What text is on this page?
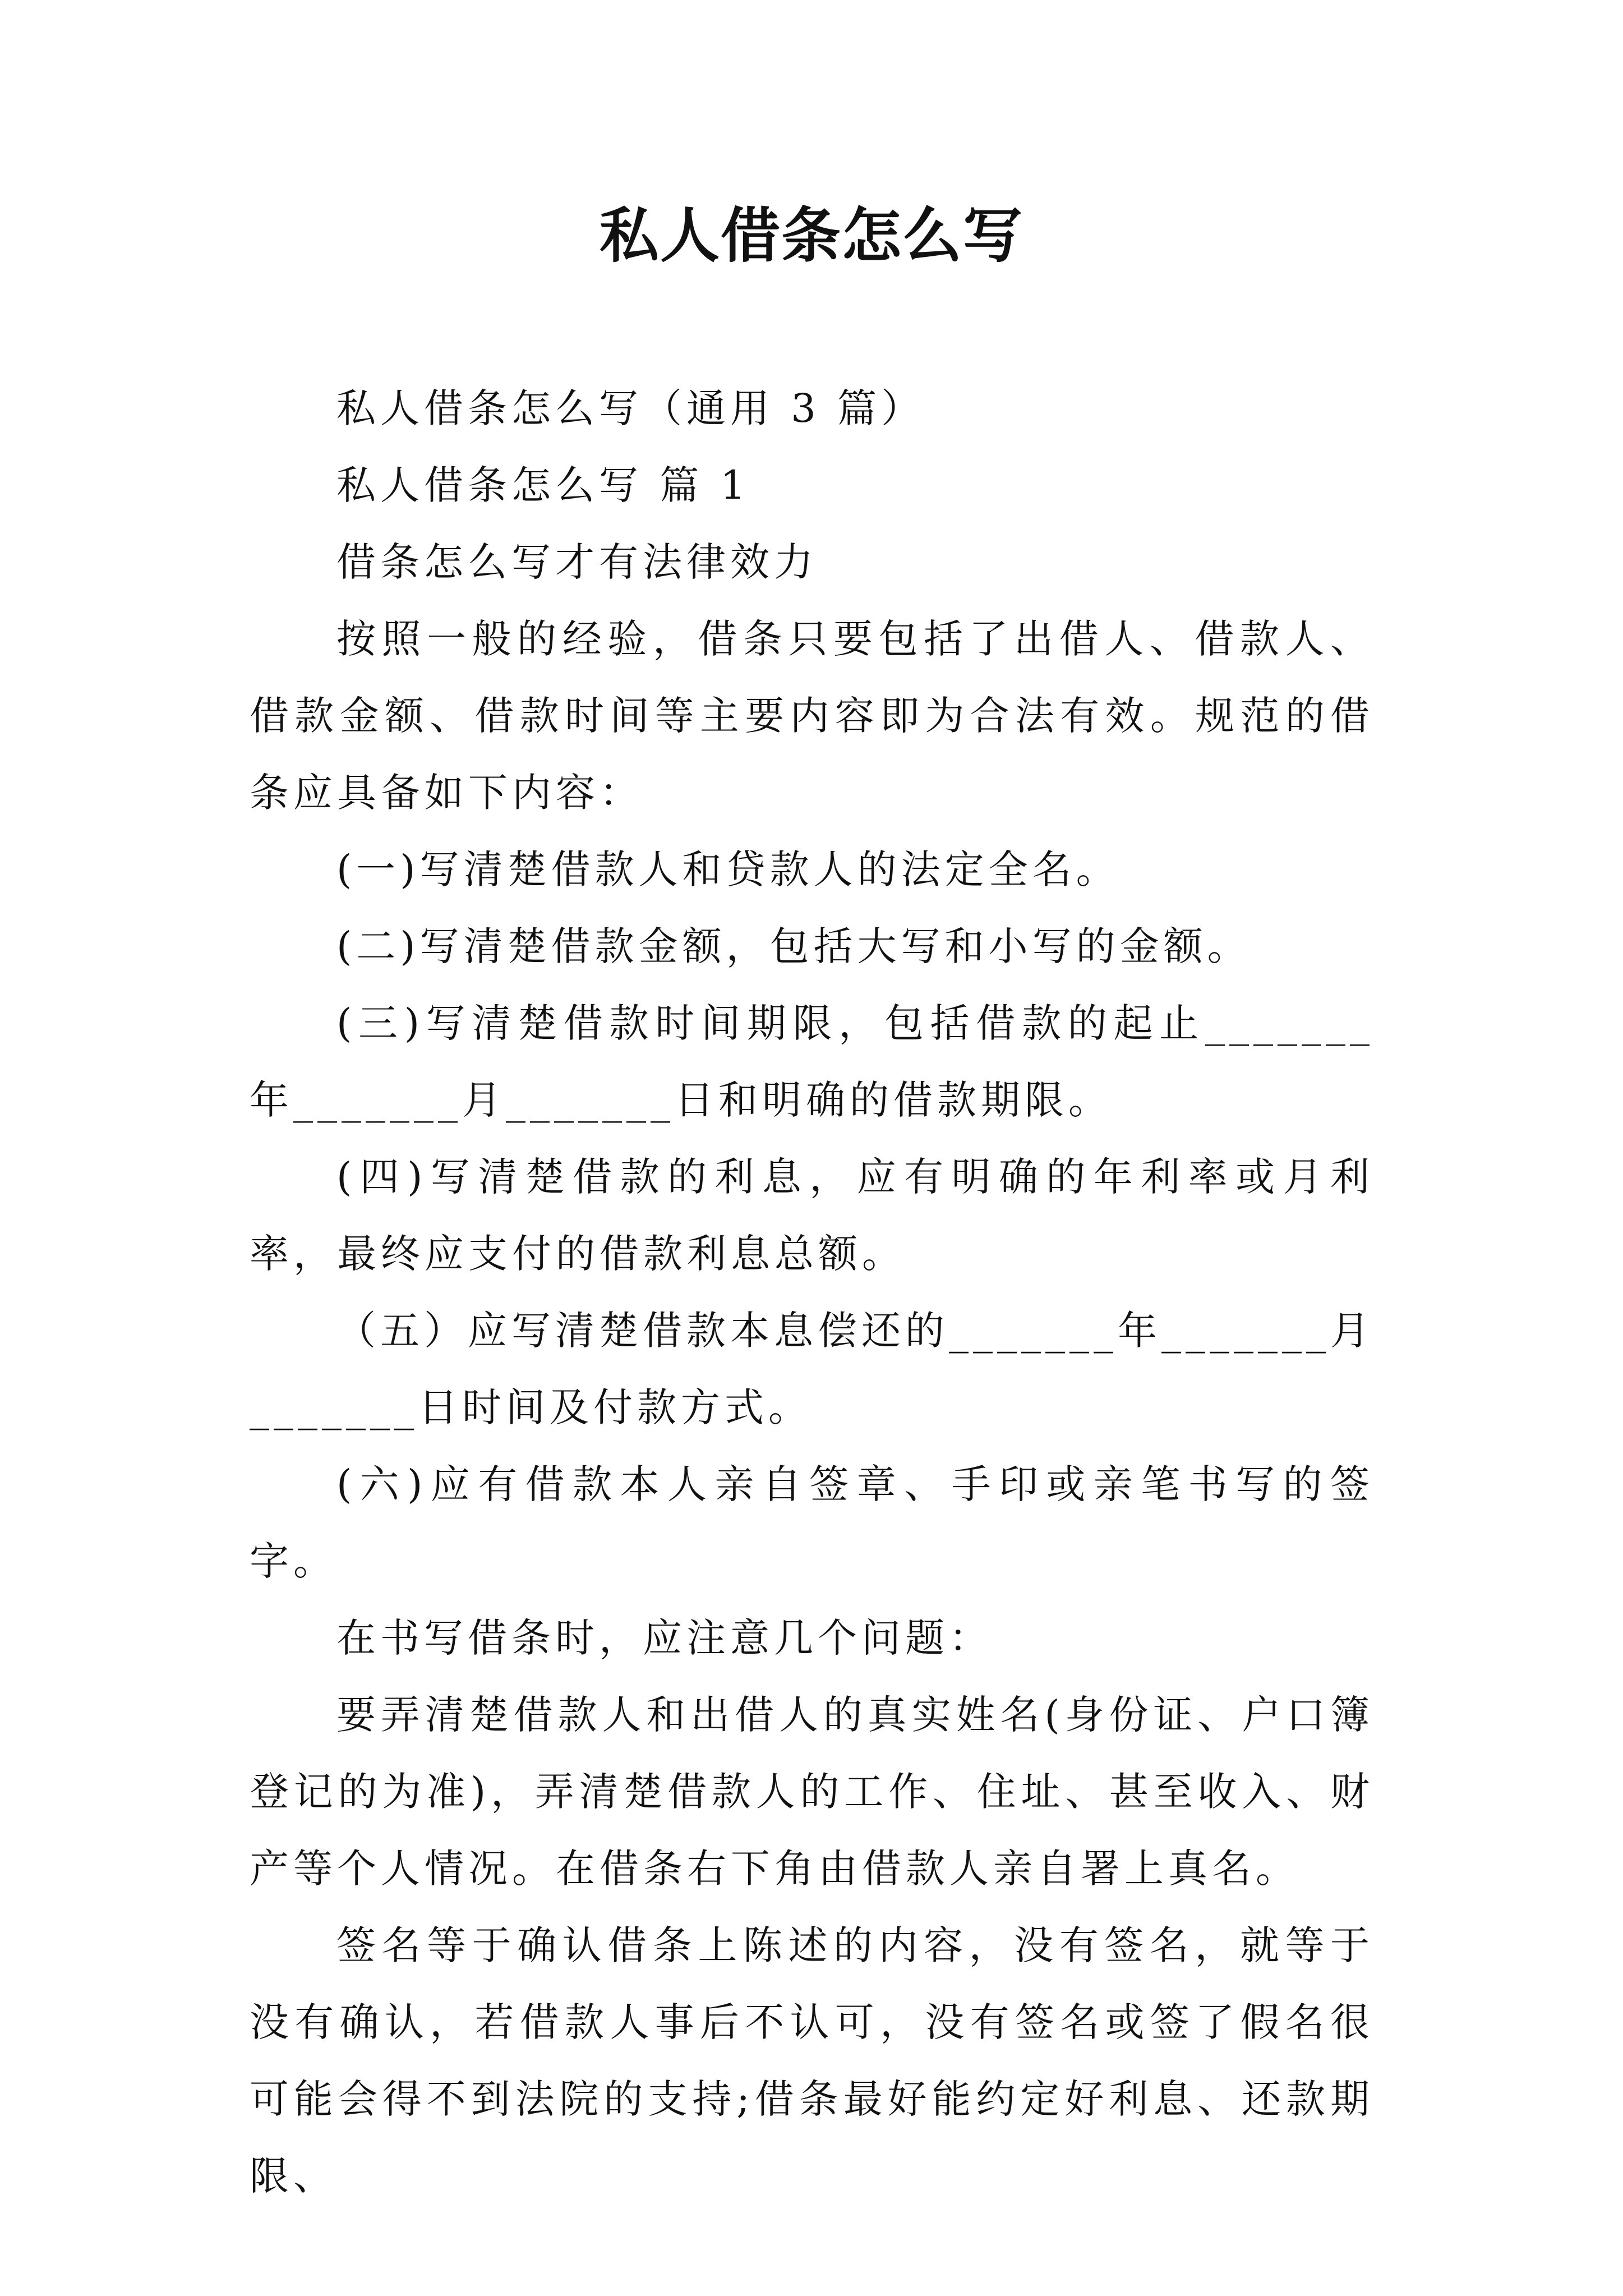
私人借条怎么写

私人借条怎么写（通用 3 篇）

私人借条怎么写 篇 1

借条怎么写才有法律效力

按照一般的经验，借条只要包括了出借人、借款人、借款金额、借款时间等主要内容即为合法有效。规范的借条应具备如下内容：

(一)写清楚借款人和贷款人的法定全名。

(二)写清楚借款金额，包括大写和小写的金额。

(三)写清楚借款时间期限，包括借款的起止_______年_______月_______日和明确的借款期限。

(四)写清楚借款的利息，应有明确的年利率或月利率，最终应支付的借款利息总额。

（五）应写清楚借款本息偿还的_______年_______月_______日时间及付款方式。

(六)应有借款本人亲自签章、手印或亲笔书写的签字。

在书写借条时，应注意几个问题：

要弄清楚借款人和出借人的真实姓名(身份证、户口簿登记的为准)，弄清楚借款人的工作、住址、甚至收入、财产等个人情况。在借条右下角由借款人亲自署上真名。

签名等于确认借条上陈述的内容，没有签名，就等于没有确认，若借款人事后不认可，没有签名或签了假名很可能会得不到法院的支持;借条最好能约定好利息、还款期限、
